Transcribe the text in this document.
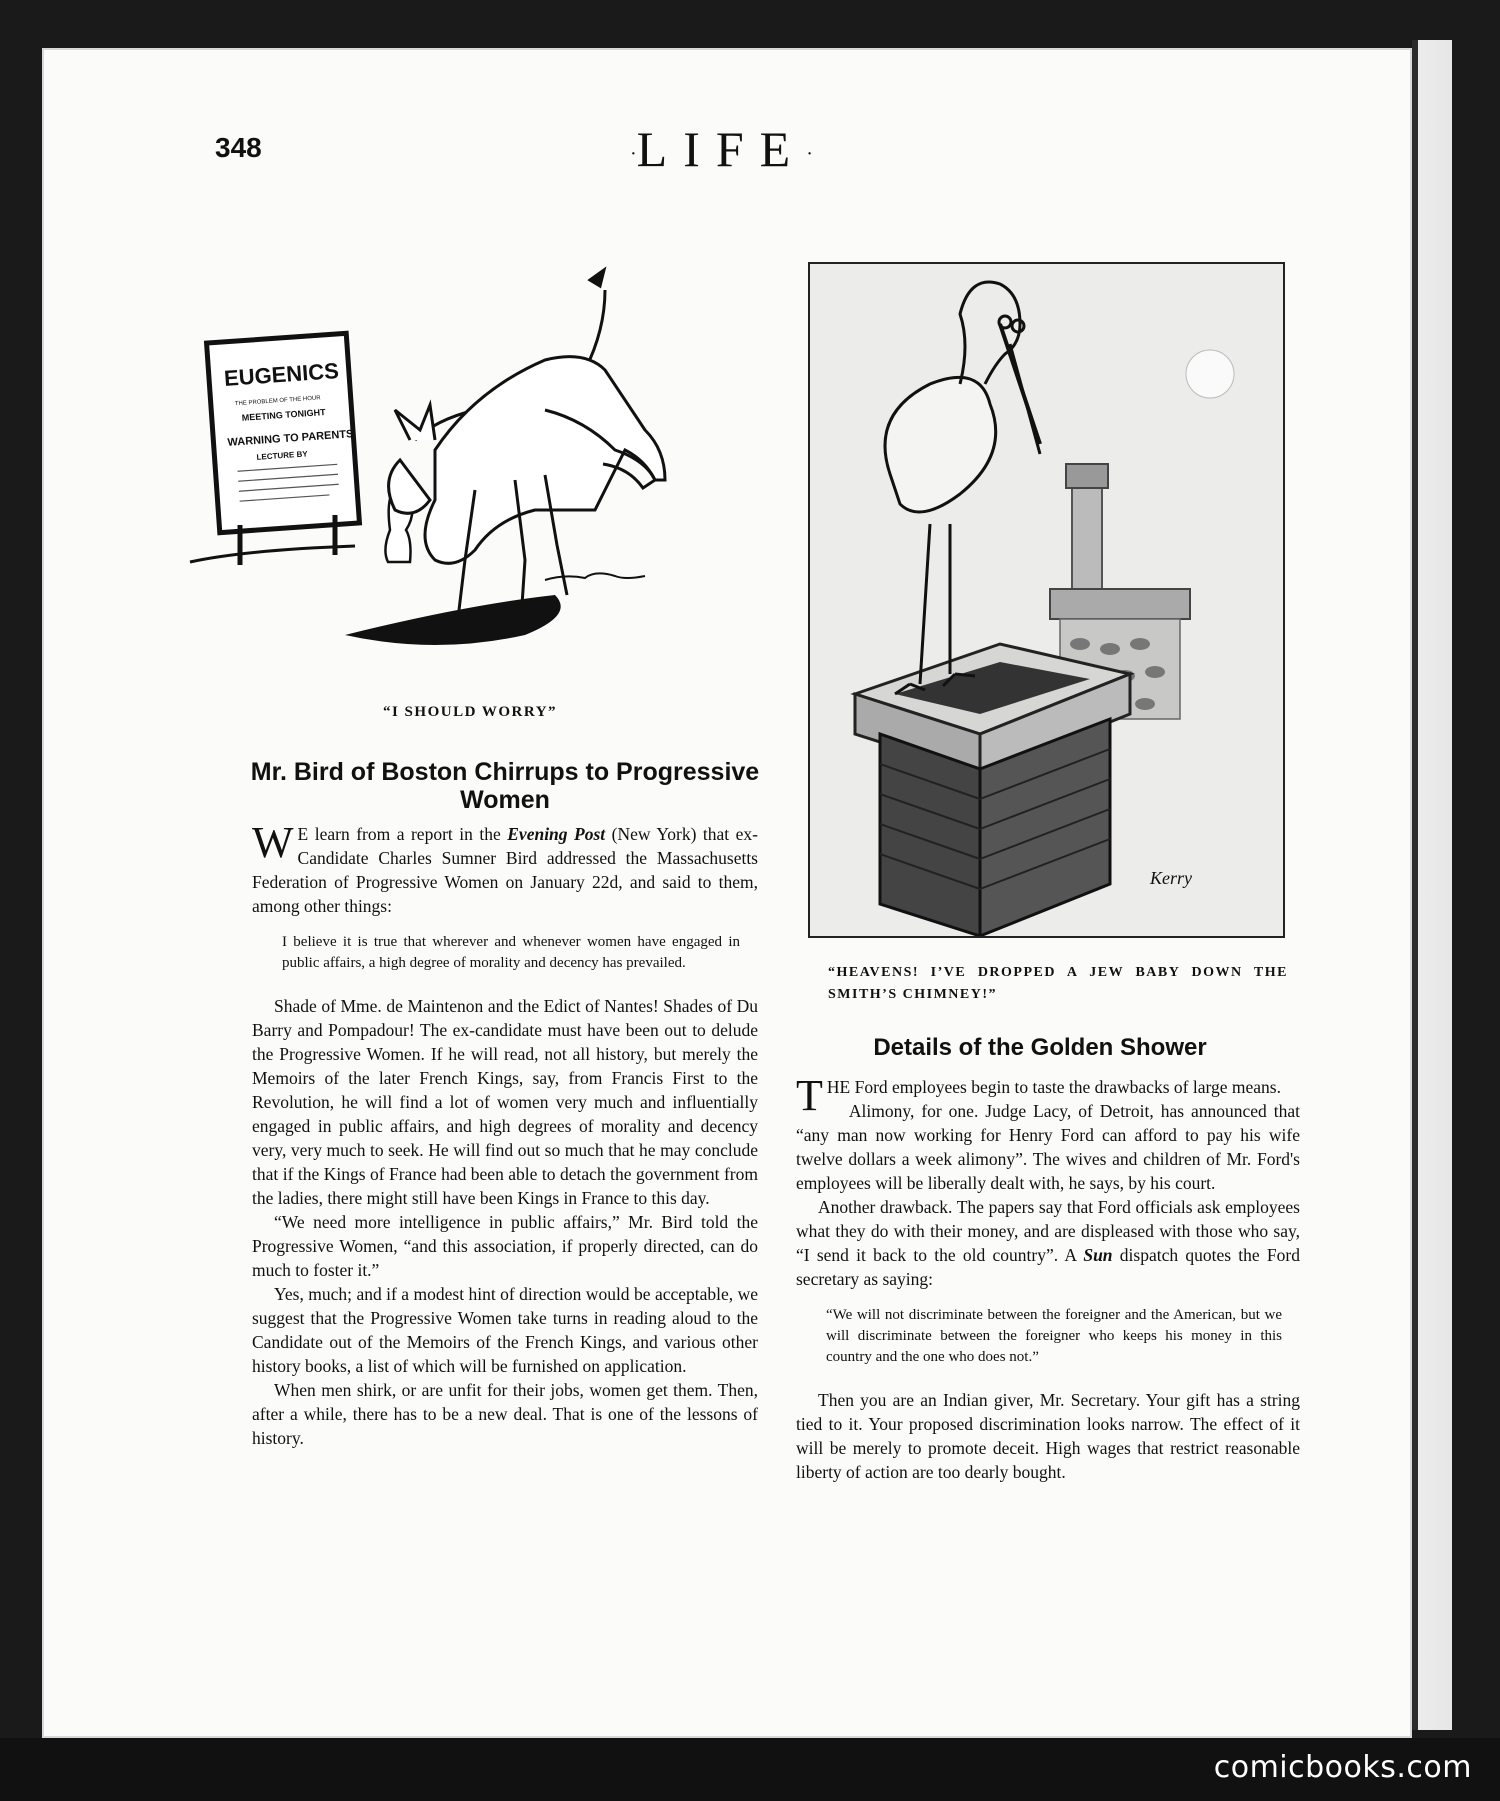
348	·LIFE·
EUGENICS
THE PROBLEM OF THE HOUR
MEETING TONIGHT
WARNING TO PARENTS
LECTURE BY
“I SHOULD WORRY”
Mr. Bird of Boston Chirrups to Progressive Women

W E learn from a report in the Evening Post (New York) that ex-Candidate Charles Sumner Bird addressed the Massachusetts Federation of Progressive Women on January 22d, and said to them, among other things:

I believe it is true that wherever and whenever women have engaged in public affairs, a high degree of morality and decency has prevailed.

Shade of Mme. de Maintenon and the Edict of Nantes! Shades of Du Barry and Pompadour! The ex-candidate must have been out to delude the Progressive Women. If he will read, not all history, but merely the Memoirs of the later French Kings, say, from Francis First to the Revolution, he will find a lot of women very much and influentially engaged in public affairs, and high degrees of morality and decency very, very much to seek. He will find out so much that he may conclude that if the Kings of France had been able to detach the government from the ladies, there might still have been Kings in France to this day.

“We need more intelligence in public affairs,” Mr. Bird told the Progressive Women, “and this association, if properly directed, can do much to foster it.”

Yes, much; and if a modest hint of direction would be acceptable, we suggest that the Progressive Women take turns in reading aloud to the Candidate out of the Memoirs of the French Kings, and various other history books, a list of which will be furnished on application.

When men shirk, or are unfit for their jobs, women get them. Then, after a while, there has to be a new deal. That is one of the lessons of history.

Kerry
“HEAVENS! I’VE DROPPED A JEW BABY DOWN THE SMITH’S CHIMNEY!”
Details of the Golden Shower

THE Ford employees begin to taste the drawbacks of large means.

Alimony, for one. Judge Lacy, of Detroit, has announced that “any man now working for Henry Ford can afford to pay his wife twelve dollars a week alimony”. The wives and children of Mr. Ford's employees will be liberally dealt with, he says, by his court.

Another drawback. The papers say that Ford officials ask employees what they do with their money, and are displeased with those who say, “I send it back to the old country”. A Sun dispatch quotes the Ford secretary as saying:

“We will not discriminate between the foreigner and the American, but we will discriminate between the foreigner who keeps his money in this country and the one who does not.”

Then you are an Indian giver, Mr. Secretary. Your gift has a string tied to it. Your proposed discrimination looks narrow. The effect of it will be merely to promote deceit. High wages that restrict reasonable liberty of action are too dearly bought.

comicbooks.com
